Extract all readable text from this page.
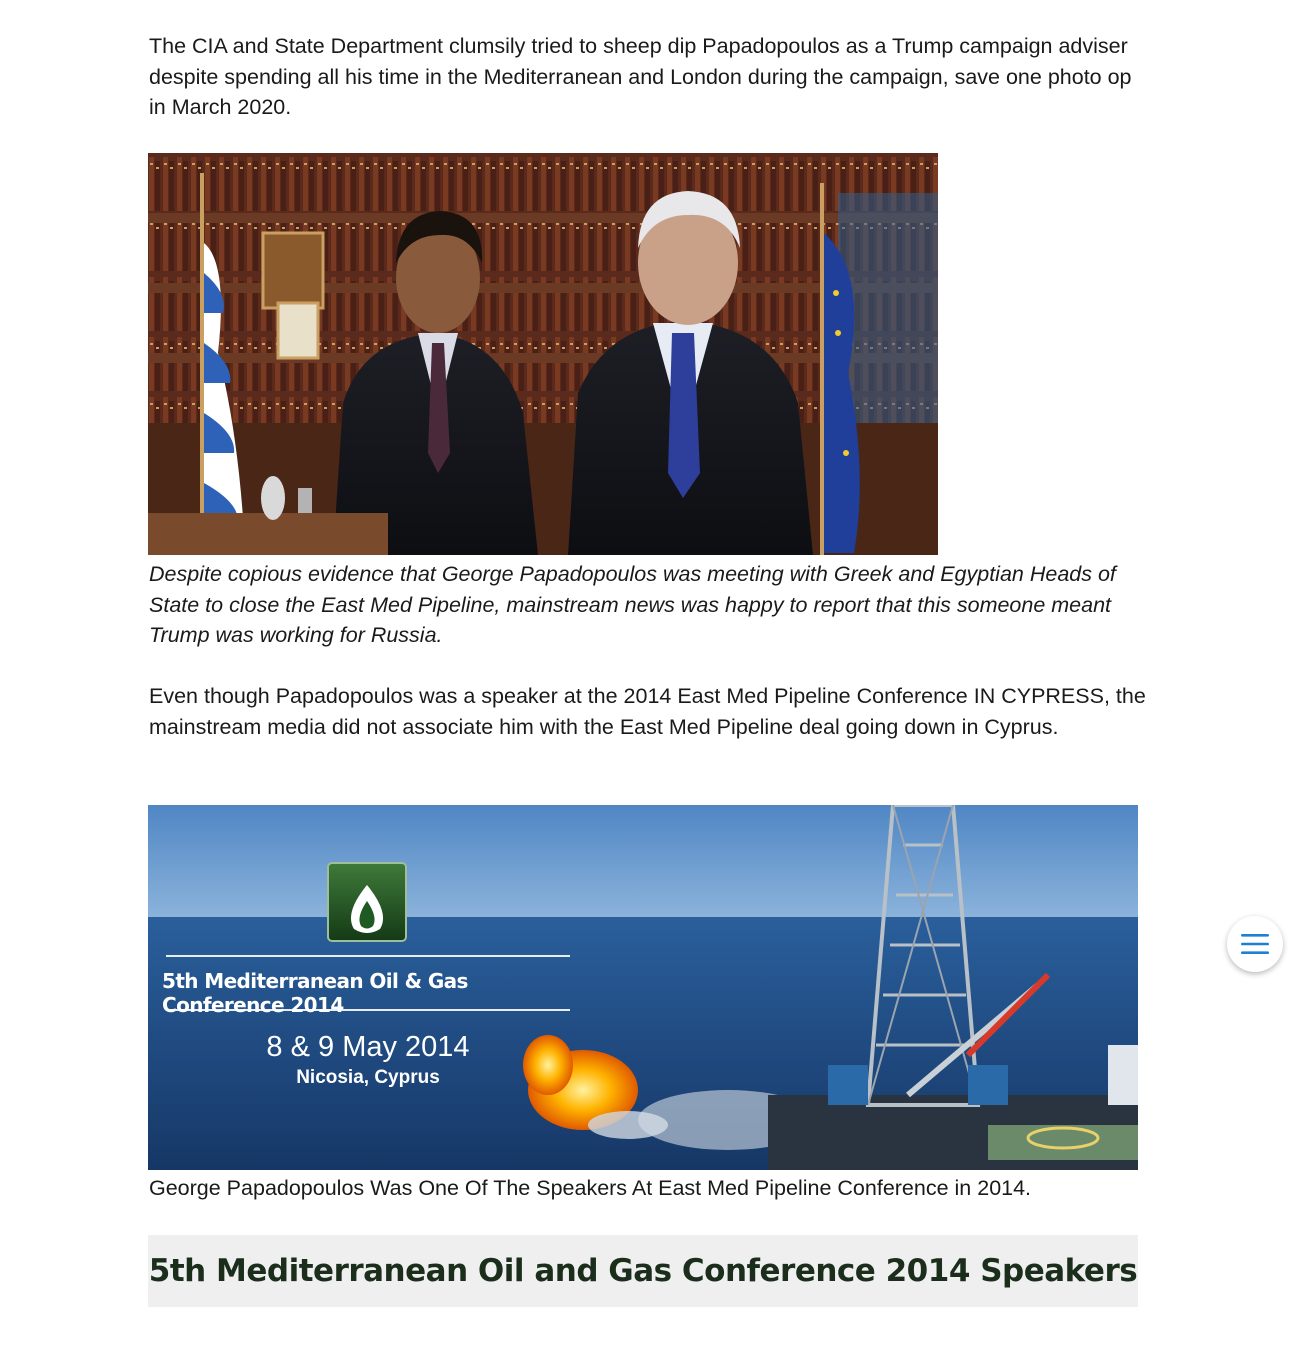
The CIA and State Department clumsily tried to sheep dip Papadopoulos as a Trump campaign adviser despite spending all his time in the Mediterranean and London during the campaign, save one photo op in March 2020.

Despite copious evidence that George Papadopoulos was meeting with Greek and Egyptian Heads of State to close the East Med Pipeline, mainstream news was happy to report that this someone meant Trump was working for Russia.

Even though Papadopoulos was a speaker at the 2014 East Med Pipeline Conference IN CYPRESS, the mainstream media did not associate him with the East Med Pipeline deal going down in Cyprus.

5th Mediterranean Oil & Gas Conference 2014
8 & 9 May 2014
Nicosia, Cyprus

George Papadopoulos Was One Of The Speakers At East Med Pipeline Conference in 2014.

5th Mediterranean Oil and Gas Conference 2014 Speakers
